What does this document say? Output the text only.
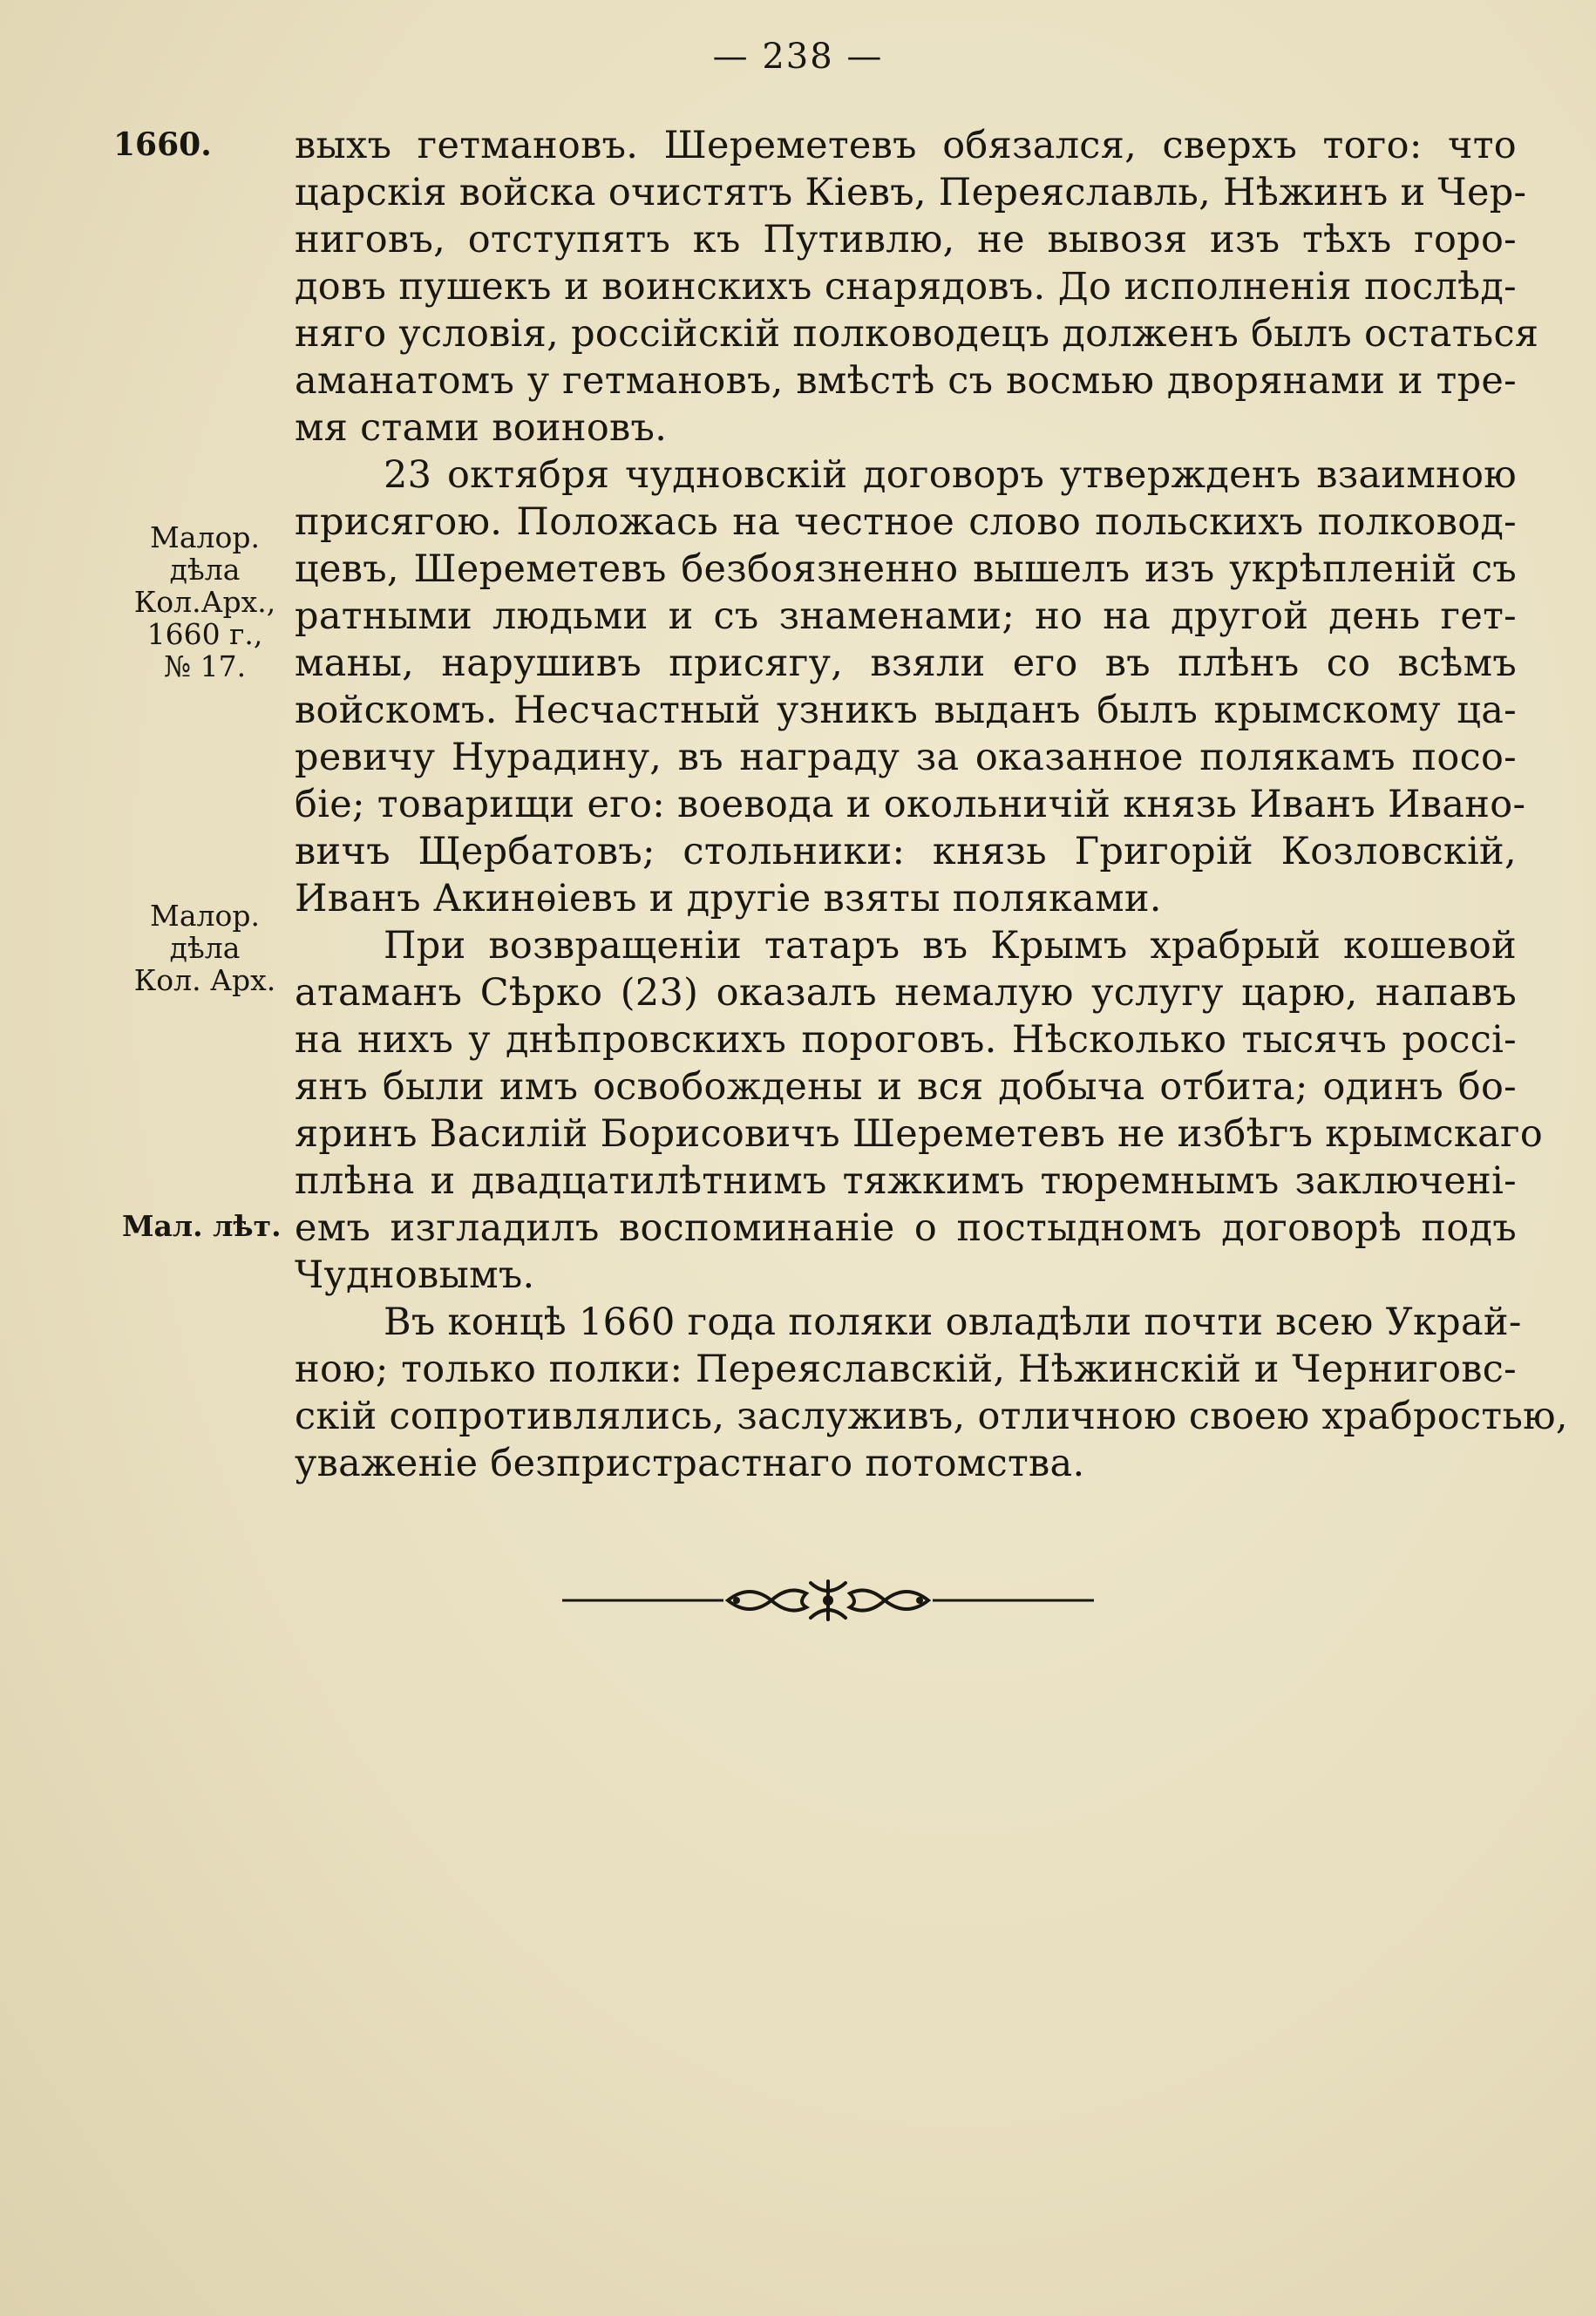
— 238 —
1660.
Малор.
дѣла
Кол.Арх.,
1660 г.,
№ 17.
Малор.
дѣла
Кол. Арх.
Мал. лѣт.
выхъ гетмановъ. Шереметевъ обязался, сверхъ того: что
царскія войска очистятъ Кіевъ, Переяславль, Нѣжинъ и Чер-
ниговъ, отступятъ къ Путивлю, не вывозя изъ тѣхъ горо-
довъ пушекъ и воинскихъ снарядовъ. До исполненія послѣд-
няго условія, россійскій полководецъ долженъ былъ остаться
аманатомъ у гетмановъ, вмѣстѣ съ восмью дворянами и тре-
мя стами воиновъ.
23 октября чудновскій договоръ утвержденъ взаимною
присягою. Положась на честное слово польскихъ полковод-
цевъ, Шереметевъ безбоязненно вышелъ изъ укрѣпленій съ
ратными людьми и съ знаменами; но на другой день гет-
маны, нарушивъ присягу, взяли его въ плѣнъ со всѣмъ
войскомъ. Несчастный узникъ выданъ былъ крымскому ца-
ревичу Нурадину, въ награду за оказанное полякамъ посо-
біе; товарищи его: воевода и окольничій князь Иванъ Ивано-
вичъ Щербатовъ; стольники: князь Григорій Козловскій,
Иванъ Акинѳіевъ и другіе взяты поляками.
При возвращеніи татаръ въ Крымъ храбрый кошевой
атаманъ Сѣрко (23) оказалъ немалую услугу царю, напавъ
на нихъ у днѣпровскихъ пороговъ. Нѣсколько тысячъ россі-
янъ были имъ освобождены и вся добыча отбита; одинъ бо-
яринъ Василій Борисовичъ Шереметевъ не избѣгъ крымскаго
плѣна и двадцатилѣтнимъ тяжкимъ тюремнымъ заключені-
емъ изгладилъ воспоминаніе о постыдномъ договорѣ подъ
Чудновымъ.
Въ концѣ 1660 года поляки овладѣли почти всею Украй-
ною; только полки: Переяславскій, Нѣжинскій и Черниговс-
скій сопротивлялись, заслуживъ, отличною своею храбростью,
уваженіе безпристрастнаго потомства.
